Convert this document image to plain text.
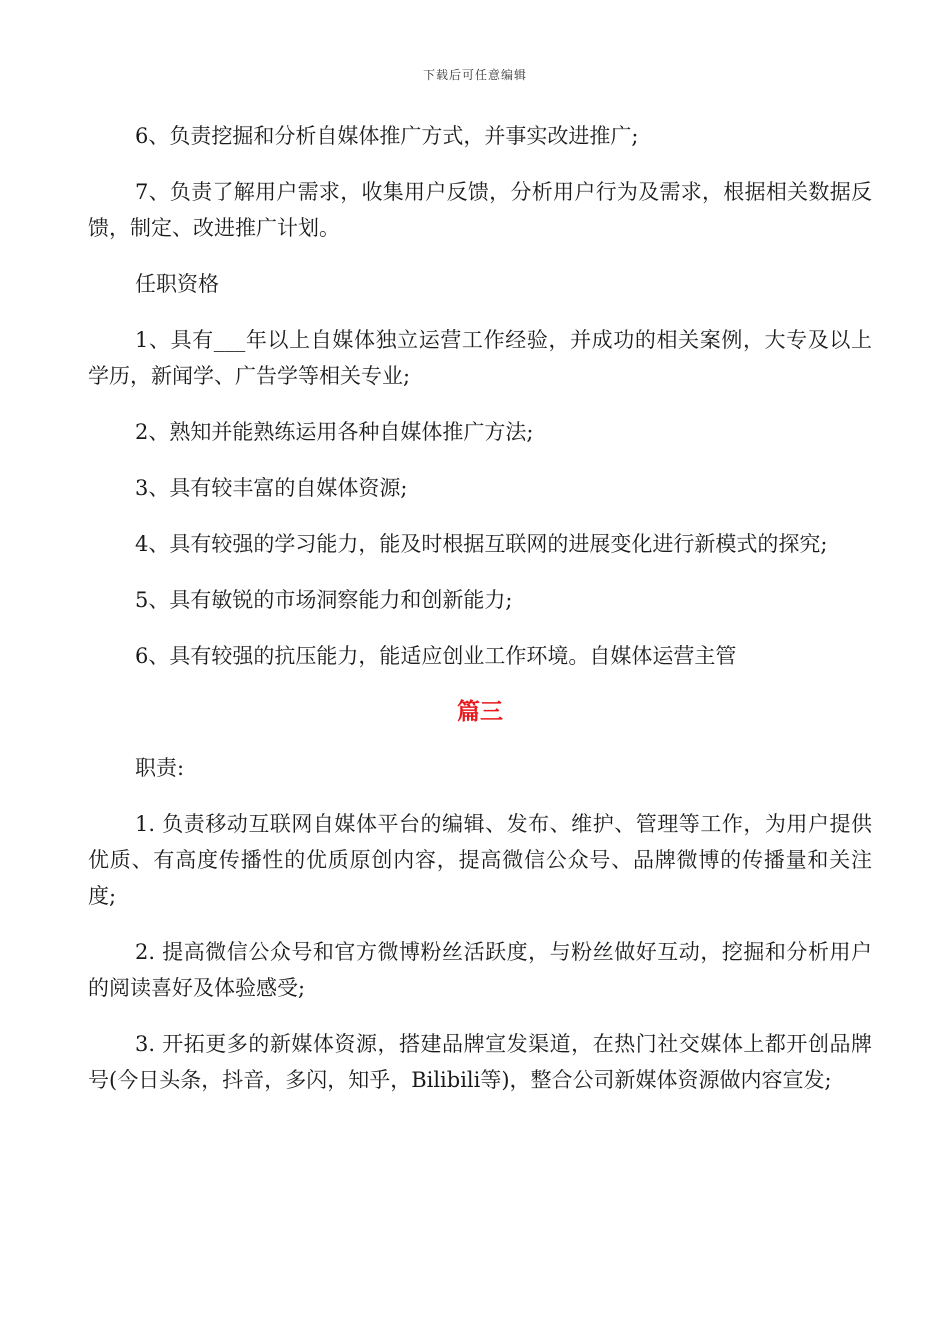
下载后可任意编辑

6、负责挖掘和分析自媒体推广方式，并事实改进推广;

7、负责了解用户需求，收集用户反馈，分析用户行为及需求，根据相关数据反馈，制定、改进推广计划。

任职资格

1、具有___年以上自媒体独立运营工作经验，并成功的相关案例，大专及以上学历，新闻学、广告学等相关专业;

2、熟知并能熟练运用各种自媒体推广方法;

3、具有较丰富的自媒体资源;

4、具有较强的学习能力，能及时根据互联网的进展变化进行新模式的探究;

5、具有敏锐的市场洞察能力和创新能力;

6、具有较强的抗压能力，能适应创业工作环境。自媒体运营主管

篇三

职责:

1. 负责移动互联网自媒体平台的编辑、发布、维护、管理等工作，为用户提供优质、有高度传播性的优质原创内容，提高微信公众号、品牌微博的传播量和关注度;

2. 提高微信公众号和官方微博粉丝活跃度，与粉丝做好互动，挖掘和分析用户的阅读喜好及体验感受;

3. 开拓更多的新媒体资源，搭建品牌宣发渠道，在热门社交媒体上都开创品牌号(今日头条，抖音，多闪，知乎，Bilibili等)，整合公司新媒体资源做内容宣发;
